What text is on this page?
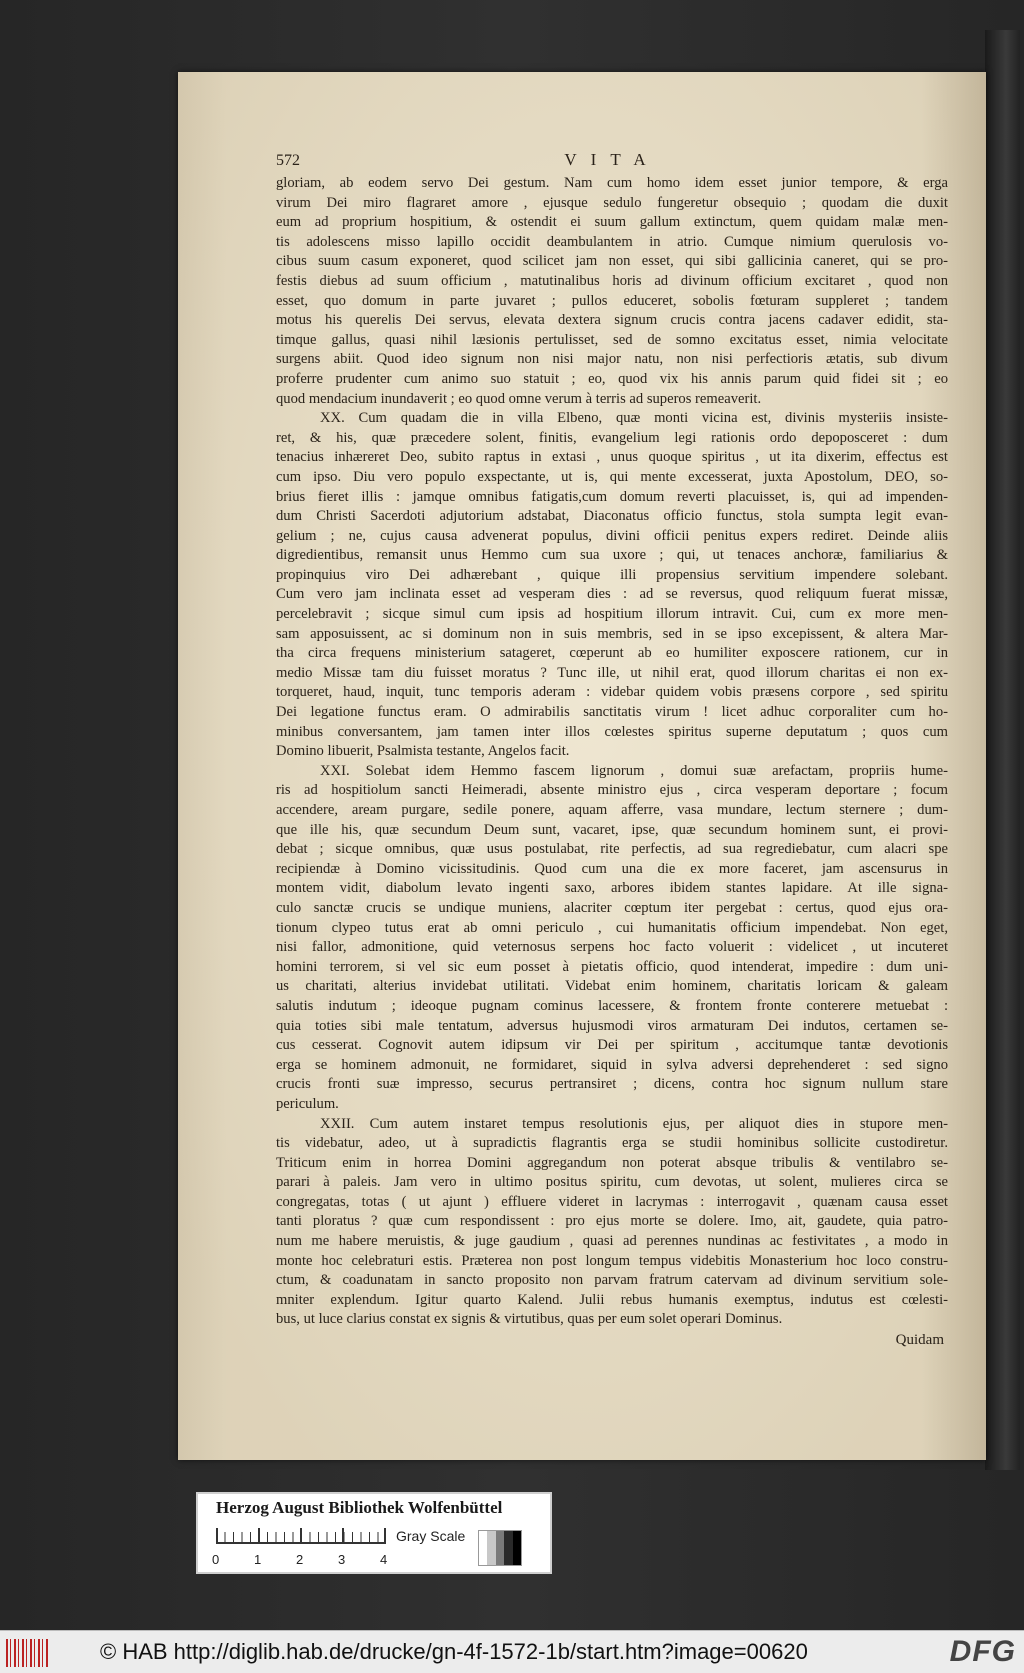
572	VITA
gloriam, ab eodem servo Dei gestum. Nam cum homo idem esset junior tempore, & erga
virum Dei miro flagraret amore , ejusque sedulo fungeretur obsequio ; quodam die duxit
eum ad proprium hospitium, & ostendit ei suum gallum extinctum, quem quidam malæ men-
tis adolescens misso lapillo occidit deambulantem in atrio. Cumque nimium querulosis vo-
cibus suum casum exponeret, quod scilicet jam non esset, qui sibi gallicinia caneret, qui se pro-
festis diebus ad suum officium , matutinalibus horis ad divinum officium excitaret , quod non
esset, quo domum in parte juvaret ; pullos educeret, sobolis fœturam suppleret ; tandem
motus his querelis Dei servus, elevata dextera signum crucis contra jacens cadaver edidit, sta-
timque gallus, quasi nihil læsionis pertulisset, sed de somno excitatus esset, nimia velocitate
surgens abiit. Quod ideo signum non nisi major natu, non nisi perfectioris ætatis, sub divum
proferre prudenter cum animo suo statuit ; eo, quod vix his annis parum quid fidei sit ; eo
quod mendacium inundaverit ; eo quod omne verum à terris ad superos remeaverit.
XX. Cum quadam die in villa Elbeno, quæ monti vicina est, divinis mysteriis insiste-
ret, & his, quæ præcedere solent, finitis, evangelium legi rationis ordo depoposceret : dum
tenacius inhæreret Deo, subito raptus in extasi , unus quoque spiritus , ut ita dixerim, effectus est
cum ipso. Diu vero populo exspectante, ut is, qui mente excesserat, juxta Apostolum, DEO, so-
brius fieret illis : jamque omnibus fatigatis,cum domum reverti placuisset, is, qui ad impenden-
dum Christi Sacerdoti adjutorium adstabat, Diaconatus officio functus, stola sumpta legit evan-
gelium ; ne, cujus causa advenerat populus, divini officii penitus expers rediret. Deinde aliis
digredientibus, remansit unus Hemmo cum sua uxore ; qui, ut tenaces anchoræ, familiarius &
propinquius viro Dei adhærebant , quique illi propensius servitium impendere solebant.
Cum vero jam inclinata esset ad vesperam dies : ad se reversus, quod reliquum fuerat missæ,
percelebravit ; sicque simul cum ipsis ad hospitium illorum intravit. Cui, cum ex more men-
sam apposuissent, ac si dominum non in suis membris, sed in se ipso excepissent, & altera Mar-
tha circa frequens ministerium satageret, cœperunt ab eo humiliter exposcere rationem, cur in
medio Missæ tam diu fuisset moratus ? Tunc ille, ut nihil erat, quod illorum charitas ei non ex-
torqueret, haud, inquit, tunc temporis aderam : videbar quidem vobis præsens corpore , sed spiritu
Dei legatione functus eram. O admirabilis sanctitatis virum ! licet adhuc corporaliter cum ho-
minibus conversantem, jam tamen inter illos cœlestes spiritus superne deputatum ; quos cum
Domino libuerit, Psalmista testante, Angelos facit.
XXI. Solebat idem Hemmo fascem lignorum , domui suæ arefactam, propriis hume-
ris ad hospitiolum sancti Heimeradi, absente ministro ejus , circa vesperam deportare ; focum
accendere, aream purgare, sedile ponere, aquam afferre, vasa mundare, lectum sternere ; dum-
que ille his, quæ secundum Deum sunt, vacaret, ipse, quæ secundum hominem sunt, ei provi-
debat ; sicque omnibus, quæ usus postulabat, rite perfectis, ad sua regrediebatur, cum alacri spe
recipiendæ à Domino vicissitudinis. Quod cum una die ex more faceret, jam ascensurus in
montem vidit, diabolum levato ingenti saxo, arbores ibidem stantes lapidare. At ille signa-
culo sanctæ crucis se undique muniens, alacriter cœptum iter pergebat : certus, quod ejus ora-
tionum clypeo tutus erat ab omni periculo , cui humanitatis officium impendebat. Non eget,
nisi fallor, admonitione, quid veternosus serpens hoc facto voluerit : videlicet , ut incuteret
homini terrorem, si vel sic eum posset à pietatis officio, quod intenderat, impedire : dum uni-
us charitati, alterius invidebat utilitati. Videbat enim hominem, charitatis loricam & galeam
salutis indutum ; ideoque pugnam cominus lacessere, & frontem fronte conterere metuebat :
quia toties sibi male tentatum, adversus hujusmodi viros armaturam Dei indutos, certamen se-
cus cesserat. Cognovit autem idipsum vir Dei per spiritum , accitumque tantæ devotionis
erga se hominem admonuit, ne formidaret, siquid in sylva adversi deprehenderet : sed signo
crucis fronti suæ impresso, securus pertransiret ; dicens, contra hoc signum nullum stare
periculum.
XXII. Cum autem instaret tempus resolutionis ejus, per aliquot dies in stupore men-
tis videbatur, adeo, ut à supradictis flagrantis erga se studii hominibus sollicite custodiretur.
Triticum enim in horrea Domini aggregandum non poterat absque tribulis & ventilabro se-
parari à paleis. Jam vero in ultimo positus spiritu, cum devotas, ut solent, mulieres circa se
congregatas, totas ( ut ajunt ) effluere videret in lacrymas : interrogavit , quænam causa esset
tanti ploratus ? quæ cum respondissent : pro ejus morte se dolere. Imo, ait, gaudete, quia patro-
num me habere meruistis, & juge gaudium , quasi ad perennes nundinas ac festivitates , a modo in
monte hoc celebraturi estis. Præterea non post longum tempus videbitis Monasterium hoc loco constru-
ctum, & coadunatam in sancto proposito non parvam fratrum catervam ad divinum servitium sole-
mniter explendum. Igitur quarto Kalend. Julii rebus humanis exemptus, indutus est cœlesti-
bus, ut luce clarius constat ex signis & virtutibus, quas per eum solet operari Dominus.
Quidam
Herzog August Bibliothek Wolfenbüttel
0	1	2	3	4
Gray Scale
© HAB http://diglib.hab.de/drucke/gn-4f-1572-1b/start.htm?image=00620	DFG
